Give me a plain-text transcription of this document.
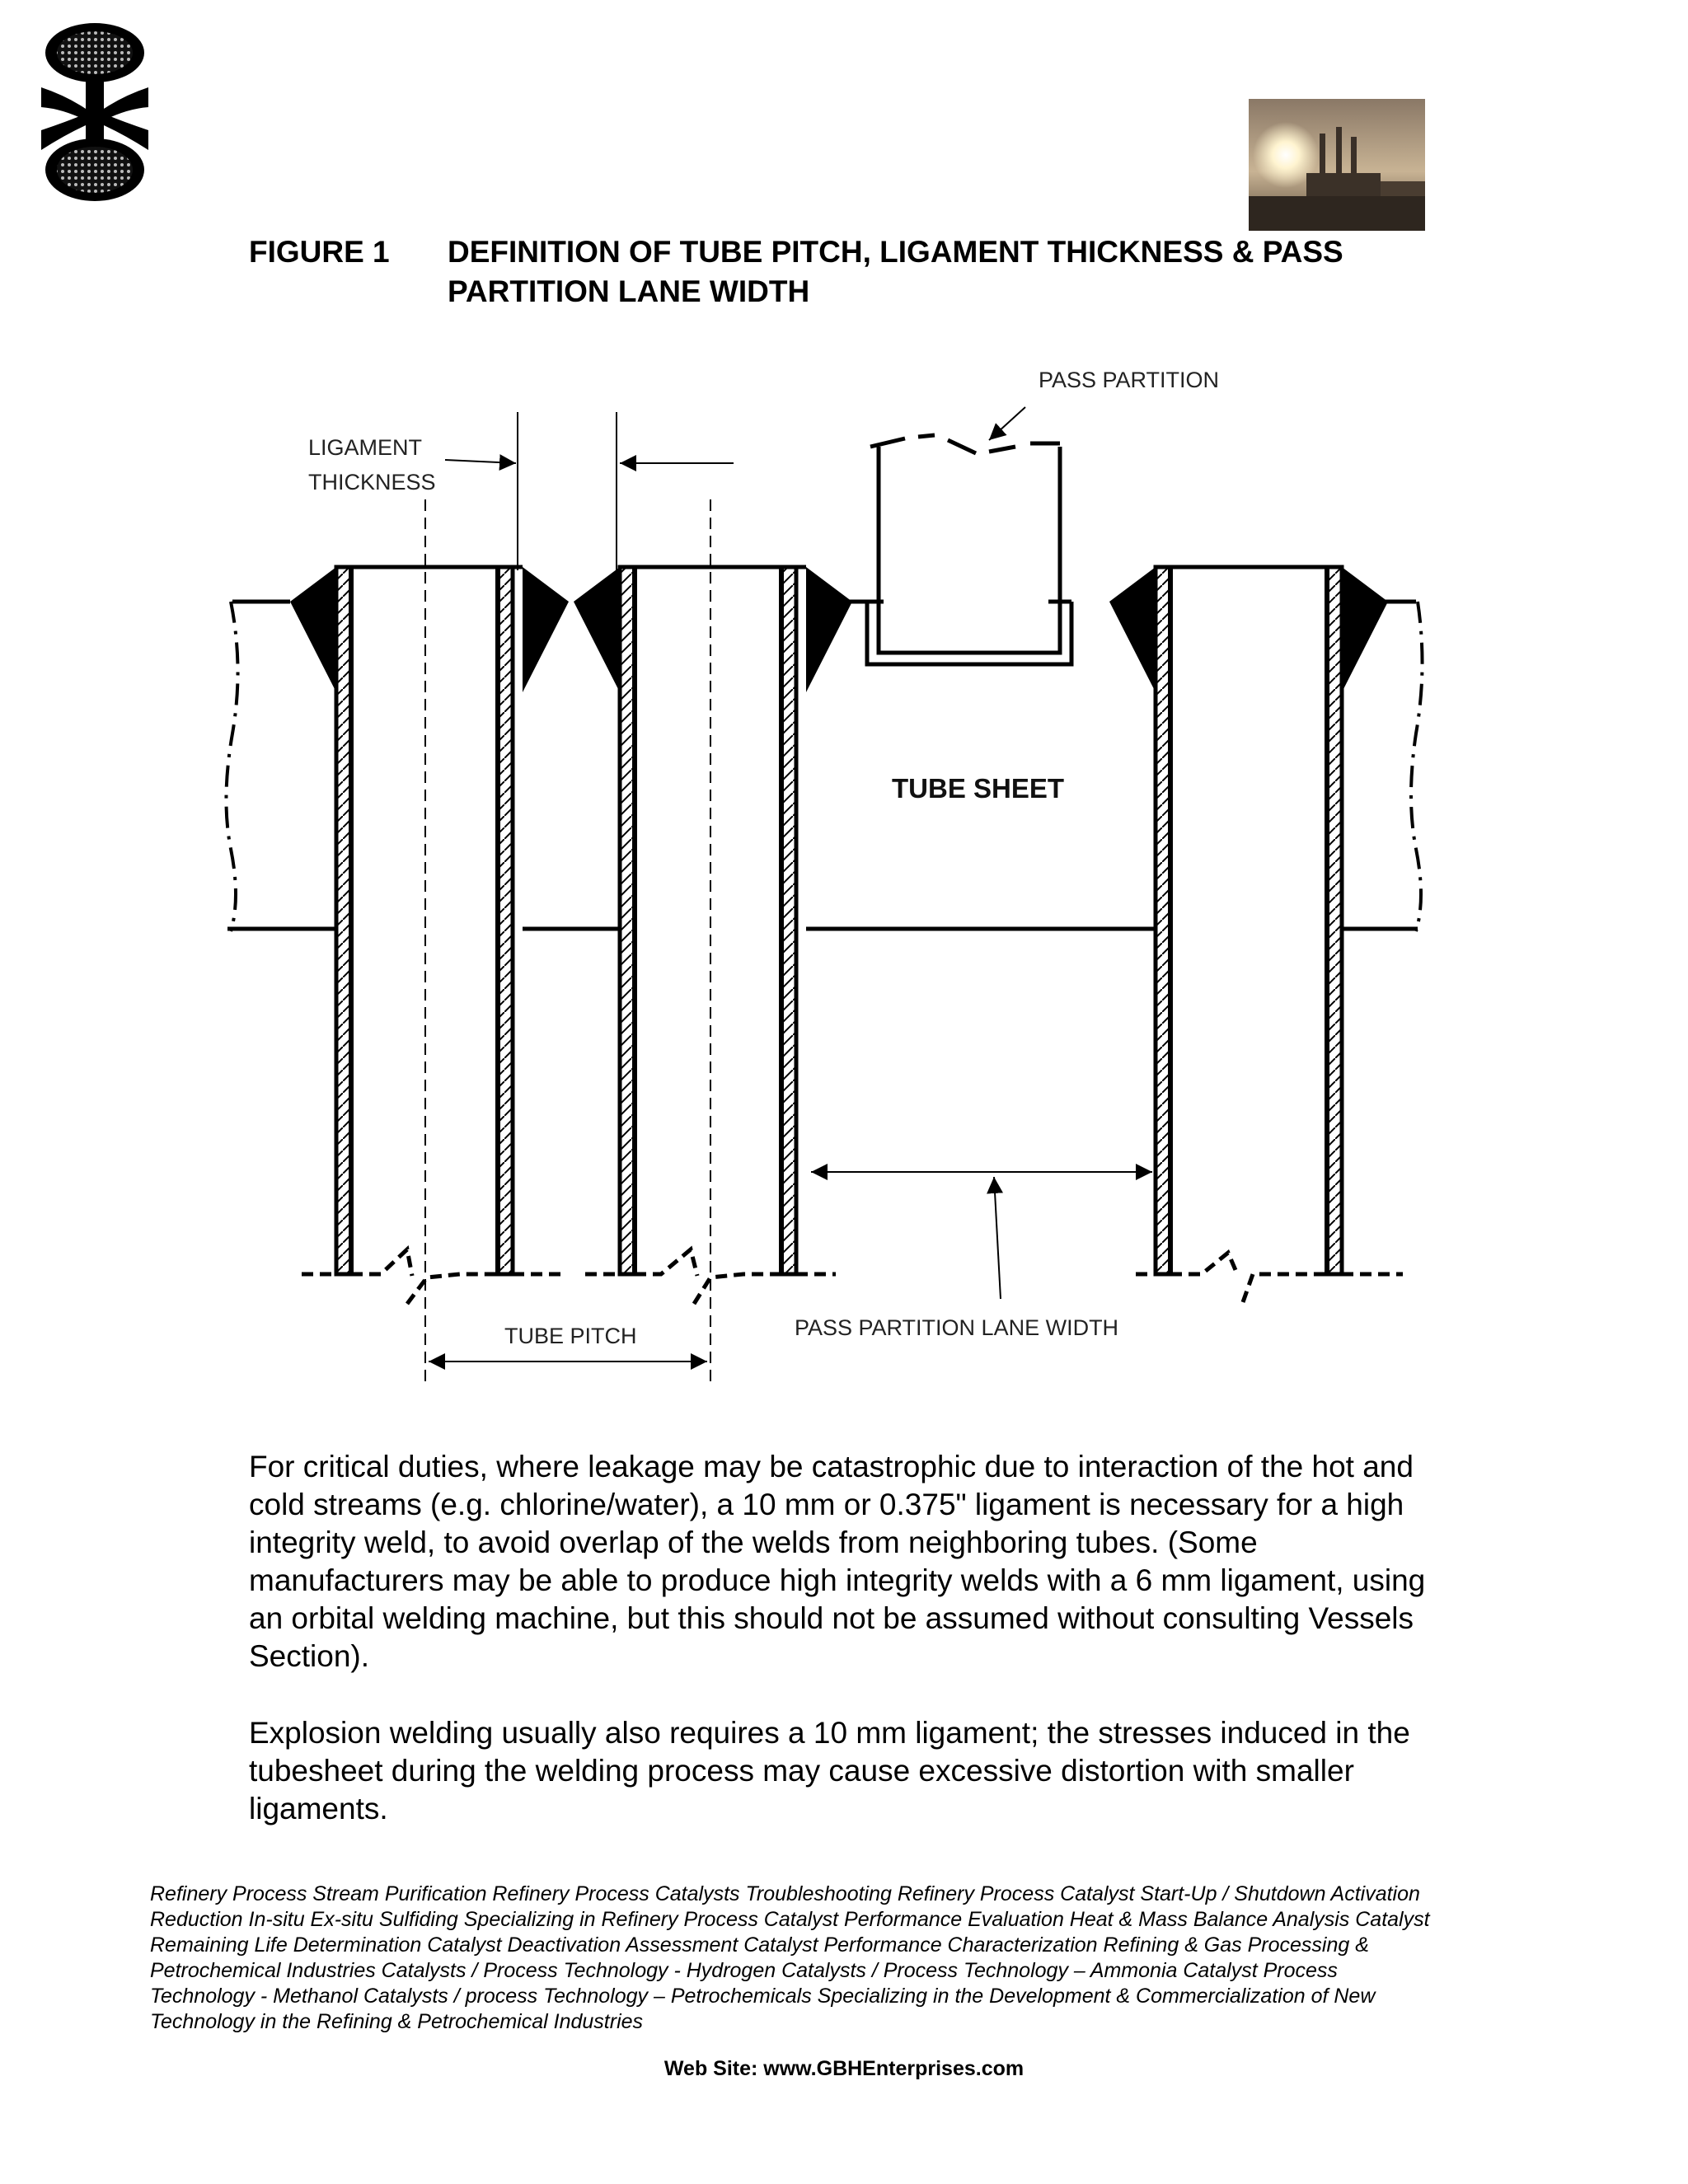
FIGURE 1 DEFINITION OF TUBE PITCH, LIGAMENT THICKNESS & PASS PARTITION LANE WIDTH
PASS PARTITION
LIGAMENT
THICKNESS
TUBE SHEET
TUBE PITCH	PASS PARTITION LANE WIDTH
For critical duties, where leakage may be catastrophic due to interaction of the hot and cold streams (e.g. chlorine/water), a 10 mm or 0.375" ligament is necessary for a high integrity weld, to avoid overlap of the welds from neighboring tubes. (Some manufacturers may be able to produce high integrity welds with a 6 mm ligament, using an orbital welding machine, but this should not be assumed without consulting Vessels Section).
Explosion welding usually also requires a 10 mm ligament; the stresses induced in the tubesheet during the welding process may cause excessive distortion with smaller ligaments.
Refinery Process Stream Purification Refinery Process Catalysts Troubleshooting Refinery Process Catalyst Start-Up / Shutdown Activation Reduction In-situ Ex-situ Sulfiding Specializing in Refinery Process Catalyst Performance Evaluation Heat & Mass Balance Analysis Catalyst Remaining Life Determination Catalyst Deactivation Assessment Catalyst Performance Characterization Refining & Gas Processing & Petrochemical Industries Catalysts / Process Technology - Hydrogen Catalysts / Process Technology – Ammonia Catalyst Process Technology - Methanol Catalysts / process Technology – Petrochemicals Specializing in the Development & Commercialization of New Technology in the Refining & Petrochemical Industries
Web Site: www.GBHEnterprises.com
